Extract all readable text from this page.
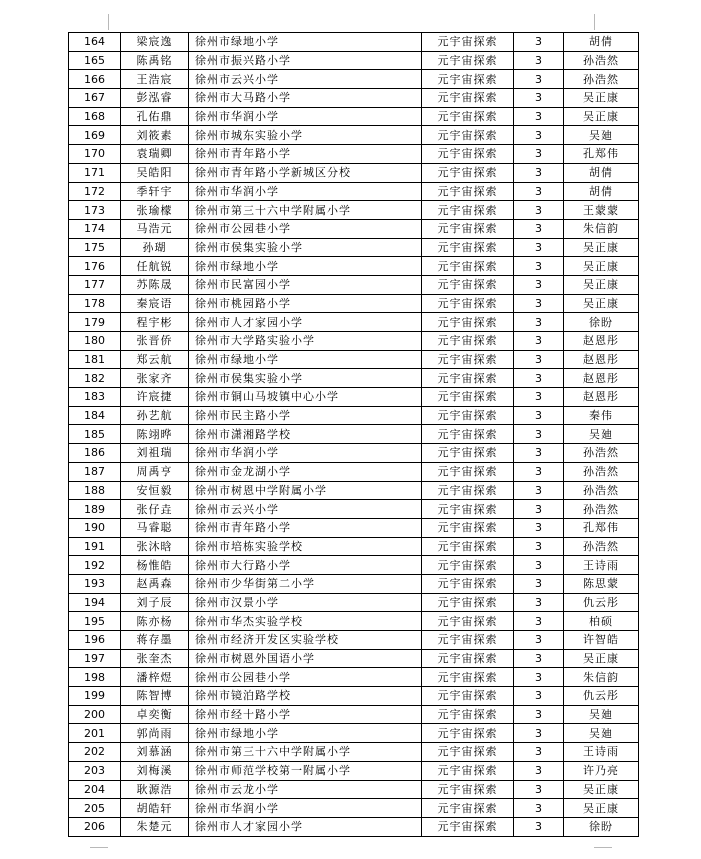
164	梁宸逸	徐州市绿地小学	元宇宙探索	3	胡倩
165	陈禹铭	徐州市振兴路小学	元宇宙探索	3	孙浩然
166	王浩宸	徐州市云兴小学	元宇宙探索	3	孙浩然
167	彭泓睿	徐州市大马路小学	元宇宙探索	3	吴正康
168	孔佑鼎	徐州市华润小学	元宇宙探索	3	吴正康
169	刘筱素	徐州市城东实验小学	元宇宙探索	3	吴廸
170	袁瑞卿	徐州市青年路小学	元宇宙探索	3	孔郑伟
171	吴皓阳	徐州市青年路小学新城区分校	元宇宙探索	3	胡倩
172	季轩宇	徐州市华润小学	元宇宙探索	3	胡倩
173	张瑜檬	徐州市第三十六中学附属小学	元宇宙探索	3	王蒙蒙
174	马浩元	徐州市公园巷小学	元宇宙探索	3	朱信韵
175	孙瑚	徐州市侯集实验小学	元宇宙探索	3	吴正康
176	任航锐	徐州市绿地小学	元宇宙探索	3	吴正康
177	苏陈晟	徐州市民富园小学	元宇宙探索	3	吴正康
178	秦宸语	徐州市桃园路小学	元宇宙探索	3	吴正康
179	程宇彬	徐州市人才家园小学	元宇宙探索	3	徐盼
180	张晋侨	徐州市大学路实验小学	元宇宙探索	3	赵恩彤
181	郑云航	徐州市绿地小学	元宇宙探索	3	赵恩彤
182	张家齐	徐州市侯集实验小学	元宇宙探索	3	赵恩彤
183	许宸捷	徐州市铜山马坡镇中心小学	元宇宙探索	3	赵恩彤
184	孙艺航	徐州市民主路小学	元宇宙探索	3	秦伟
185	陈翊晔	徐州市潇湘路学校	元宇宙探索	3	吴廸
186	刘祖瑞	徐州市华润小学	元宇宙探索	3	孙浩然
187	周禹亨	徐州市金龙湖小学	元宇宙探索	3	孙浩然
188	安恒毅	徐州市树恩中学附属小学	元宇宙探索	3	孙浩然
189	张仔垚	徐州市云兴小学	元宇宙探索	3	孙浩然
190	马睿聪	徐州市青年路小学	元宇宙探索	3	孔郑伟
191	张沐晗	徐州市培栋实验学校	元宇宙探索	3	孙浩然
192	杨惟皓	徐州市大行路小学	元宇宙探索	3	王诗雨
193	赵禹森	徐州市少华街第二小学	元宇宙探索	3	陈思蒙
194	刘子辰	徐州市汉景小学	元宇宙探索	3	仇云彤
195	陈亦杨	徐州市华杰实验学校	元宇宙探索	3	柏硕
196	蒋存墨	徐州市经济开发区实验学校	元宇宙探索	3	许智皓
197	张奎杰	徐州市树恩外国语小学	元宇宙探索	3	吴正康
198	潘梓煜	徐州市公园巷小学	元宇宙探索	3	朱信韵
199	陈智博	徐州市镜泊路学校	元宇宙探索	3	仇云彤
200	卓奕衡	徐州市经十路小学	元宇宙探索	3	吴廸
201	郭尚雨	徐州市绿地小学	元宇宙探索	3	吴廸
202	刘慕涵	徐州市第三十六中学附属小学	元宇宙探索	3	王诗雨
203	刘梅溪	徐州市师范学校第一附属小学	元宇宙探索	3	许乃亮
204	耿源浩	徐州市云龙小学	元宇宙探索	3	吴正康
205	胡皓轩	徐州市华润小学	元宇宙探索	3	吴正康
206	朱楚元	徐州市人才家园小学	元宇宙探索	3	徐盼
